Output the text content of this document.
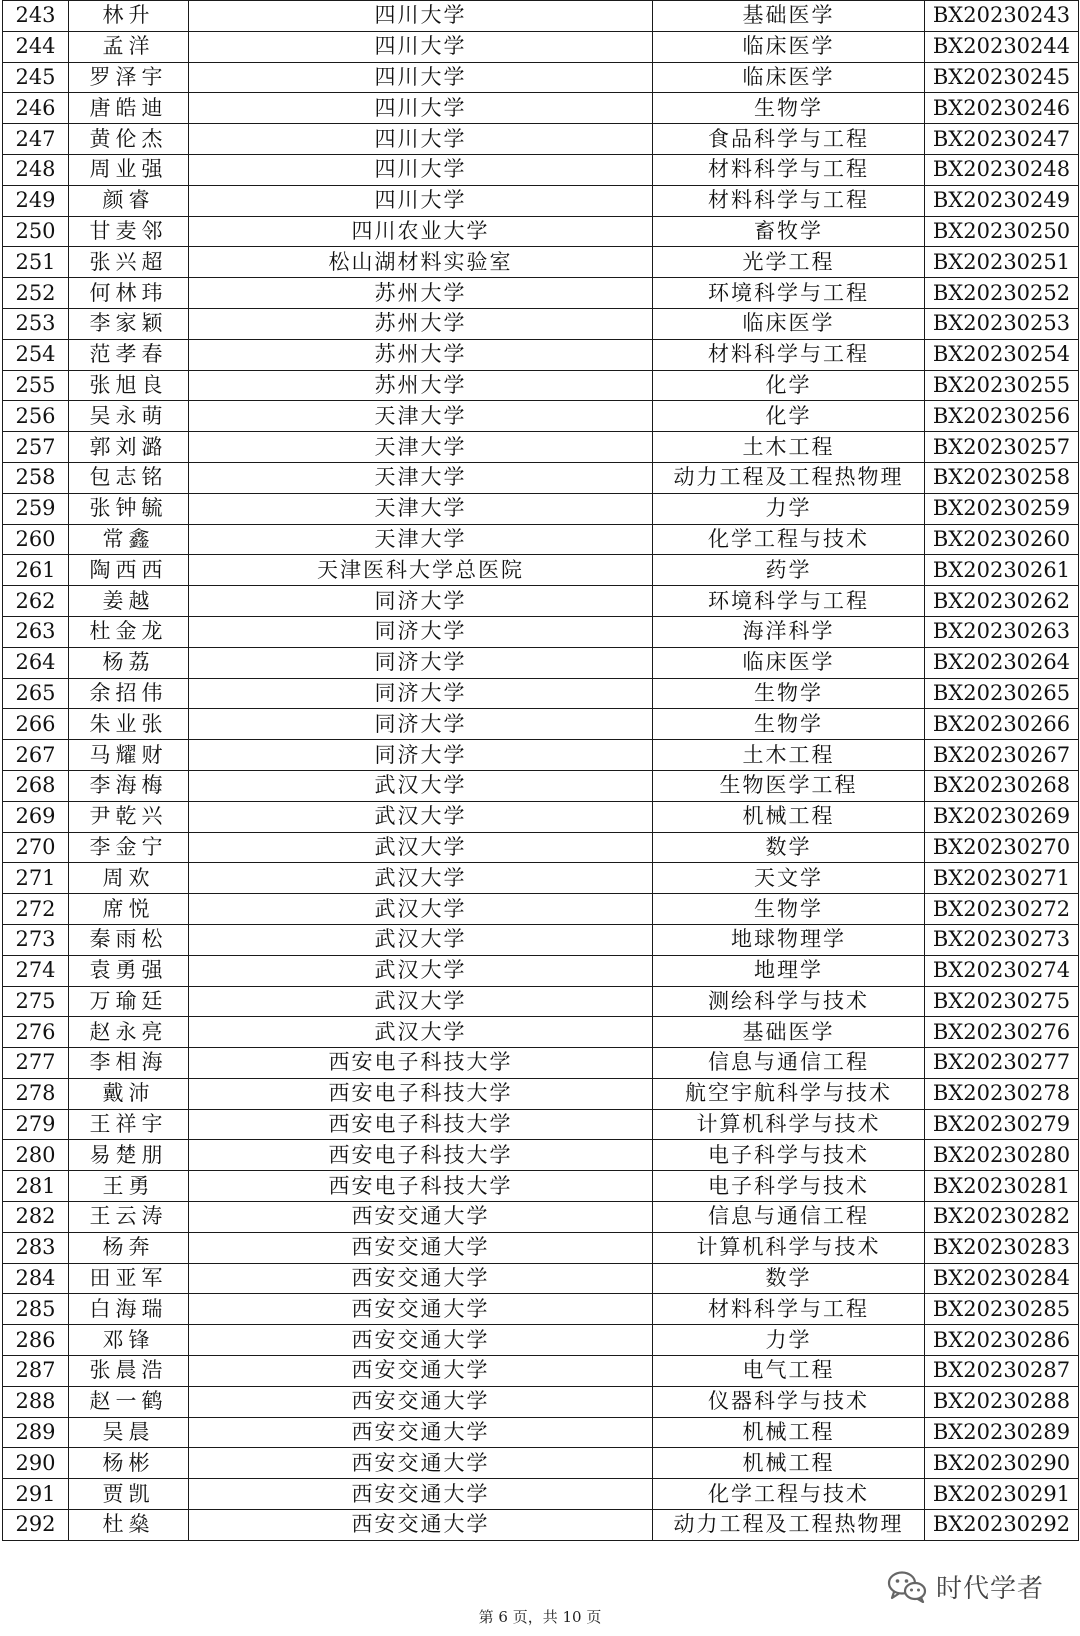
243	林升	四川大学	基础医学	BX20230243
244	孟洋	四川大学	临床医学	BX20230244
245	罗泽宇	四川大学	临床医学	BX20230245
246	唐皓迪	四川大学	生物学	BX20230246
247	黄伦杰	四川大学	食品科学与工程	BX20230247
248	周业强	四川大学	材料科学与工程	BX20230248
249	颜睿	四川大学	材料科学与工程	BX20230249
250	甘麦邻	四川农业大学	畜牧学	BX20230250
251	张兴超	松山湖材料实验室	光学工程	BX20230251
252	何林玮	苏州大学	环境科学与工程	BX20230252
253	李家颖	苏州大学	临床医学	BX20230253
254	范孝春	苏州大学	材料科学与工程	BX20230254
255	张旭良	苏州大学	化学	BX20230255
256	吴永萌	天津大学	化学	BX20230256
257	郭刘潞	天津大学	土木工程	BX20230257
258	包志铭	天津大学	动力工程及工程热物理	BX20230258
259	张钟毓	天津大学	力学	BX20230259
260	常鑫	天津大学	化学工程与技术	BX20230260
261	陶西西	天津医科大学总医院	药学	BX20230261
262	姜越	同济大学	环境科学与工程	BX20230262
263	杜金龙	同济大学	海洋科学	BX20230263
264	杨荔	同济大学	临床医学	BX20230264
265	余招伟	同济大学	生物学	BX20230265
266	朱业张	同济大学	生物学	BX20230266
267	马耀财	同济大学	土木工程	BX20230267
268	李海梅	武汉大学	生物医学工程	BX20230268
269	尹乾兴	武汉大学	机械工程	BX20230269
270	李金宁	武汉大学	数学	BX20230270
271	周欢	武汉大学	天文学	BX20230271
272	席悦	武汉大学	生物学	BX20230272
273	秦雨松	武汉大学	地球物理学	BX20230273
274	袁勇强	武汉大学	地理学	BX20230274
275	万瑜廷	武汉大学	测绘科学与技术	BX20230275
276	赵永亮	武汉大学	基础医学	BX20230276
277	李相海	西安电子科技大学	信息与通信工程	BX20230277
278	戴沛	西安电子科技大学	航空宇航科学与技术	BX20230278
279	王祥宇	西安电子科技大学	计算机科学与技术	BX20230279
280	易楚朋	西安电子科技大学	电子科学与技术	BX20230280
281	王勇	西安电子科技大学	电子科学与技术	BX20230281
282	王云涛	西安交通大学	信息与通信工程	BX20230282
283	杨奔	西安交通大学	计算机科学与技术	BX20230283
284	田亚军	西安交通大学	数学	BX20230284
285	白海瑞	西安交通大学	材料科学与工程	BX20230285
286	邓锋	西安交通大学	力学	BX20230286
287	张晨浩	西安交通大学	电气工程	BX20230287
288	赵一鹤	西安交通大学	仪器科学与技术	BX20230288
289	吴晨	西安交通大学	机械工程	BX20230289
290	杨彬	西安交通大学	机械工程	BX20230290
291	贾凯	西安交通大学	化学工程与技术	BX20230291
292	杜燊	西安交通大学	动力工程及工程热物理	BX20230292
时代学者
第 6 页，共 10 页
